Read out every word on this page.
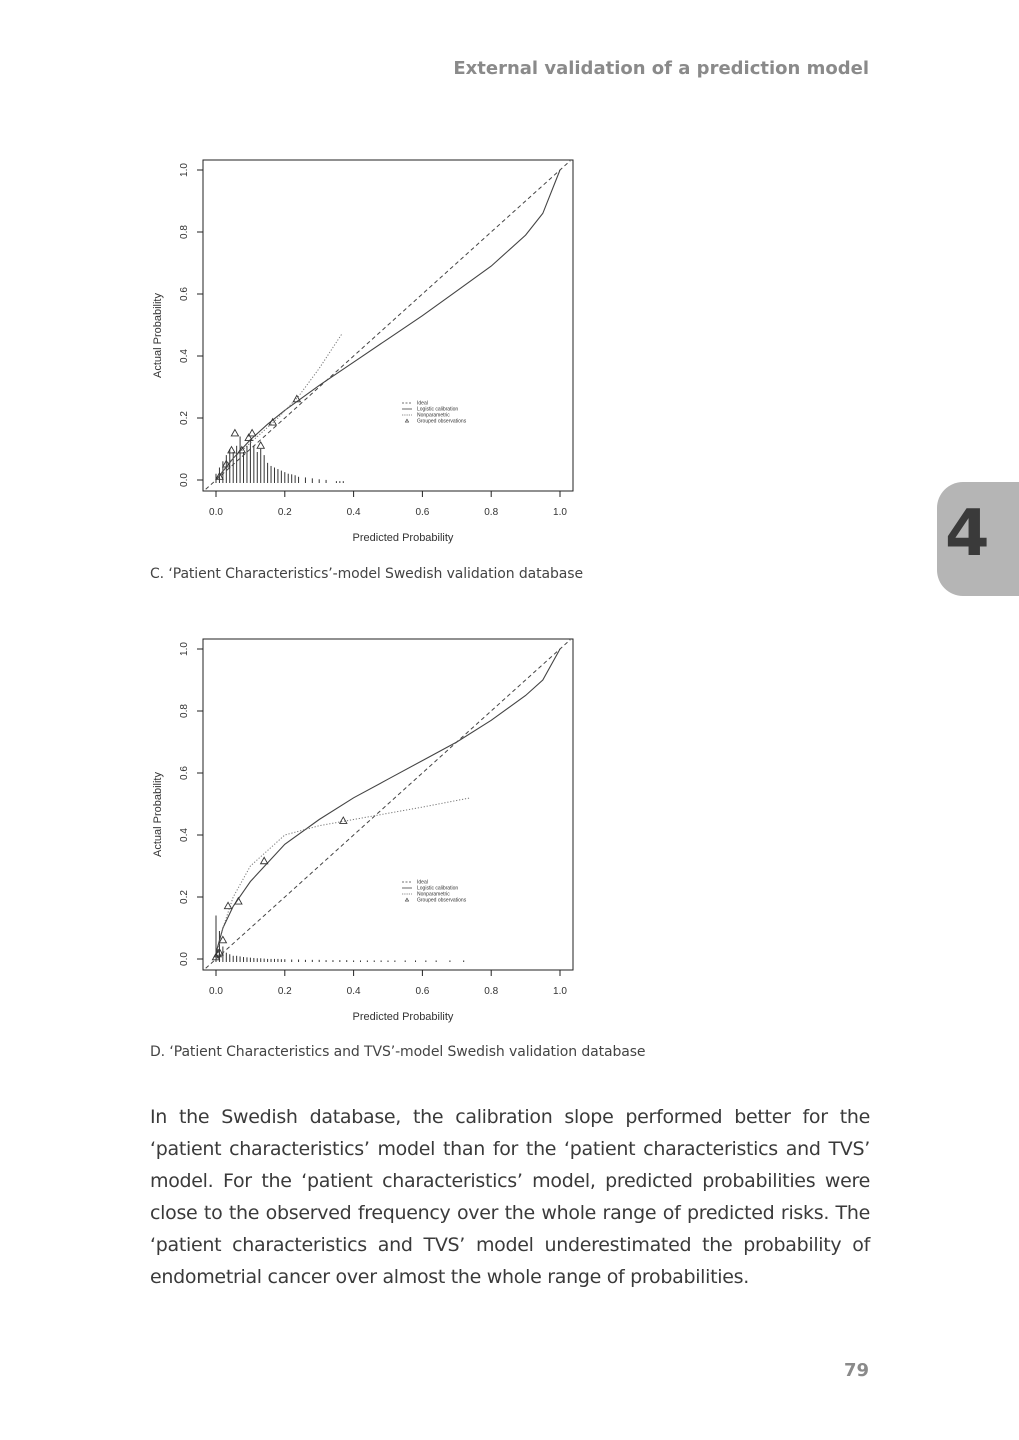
External validation of a prediction model
4
0.0	0.2	0.4	0.6	0.8	1.0
0.0
0.2
0.4
0.6
0.8
1.0
Predicted Probability
Actual Probability
Ideal
Logistic calibration
Nonparametric
Grouped observations
C. ‘Patient Characteristics’-model Swedish validation database
0.0	0.2	0.4	0.6	0.8	1.0
0.0
0.2
0.4
0.6
0.8
1.0
Predicted Probability
Actual Probability
Ideal
Logistic calibration
Nonparametric
Grouped observations
D. ‘Patient Characteristics and TVS’-model Swedish validation database

In the Swedish database, the calibration slope performed better for the ‘patient characteristics’ model than for the ‘patient characteristics and TVS’ model. For the ‘patient characteristics’ model, predicted probabilities were close to the observed frequency over the whole range of predicted risks. The ‘patient characteristics and TVS’ model underestimated the probability of endometrial cancer over almost the whole range of probabilities.

79
